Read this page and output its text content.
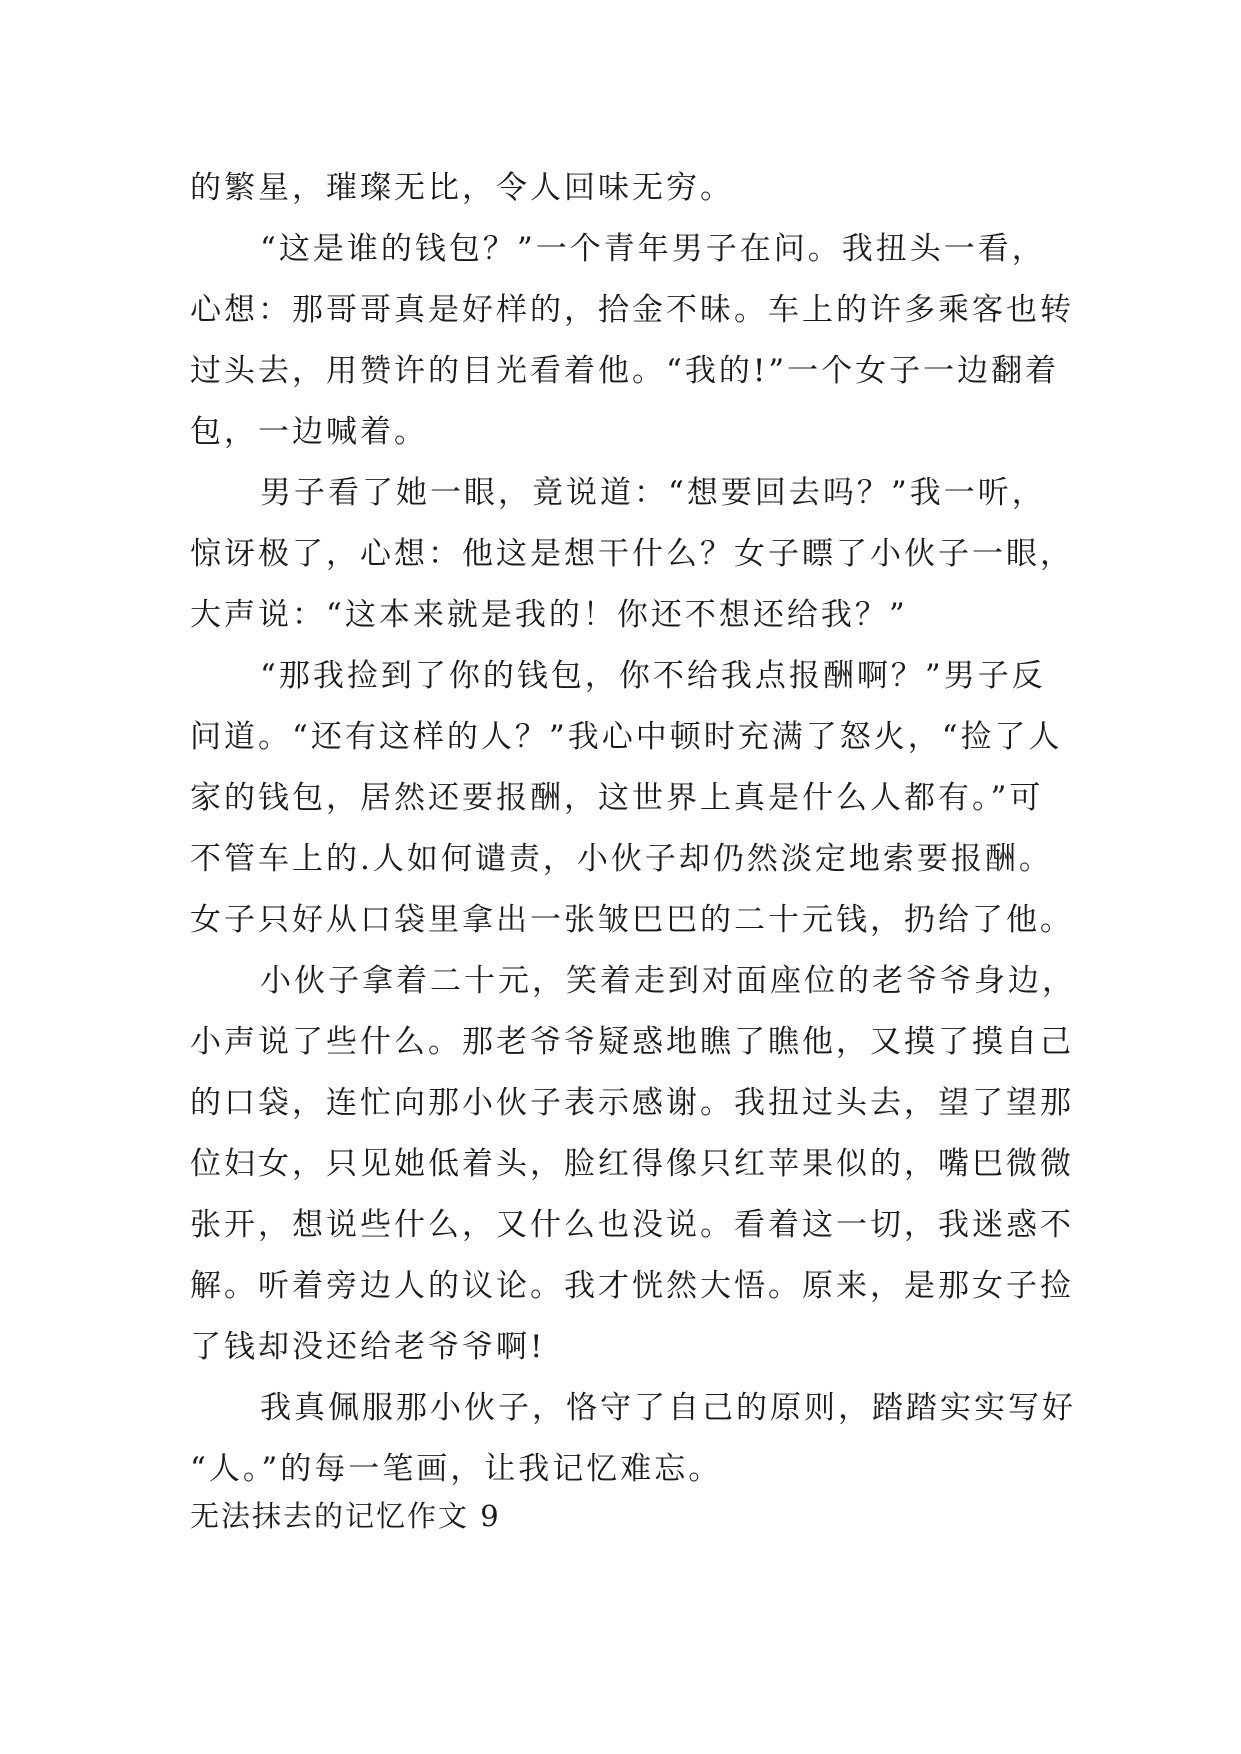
的繁星，璀璨无比，令人回味无穷。
“这是谁的钱包？”一个青年男子在问。我扭头一看，
心想：那哥哥真是好样的，拾金不昧。车上的许多乘客也转
过头去，用赞许的目光看着他。“我的!”一个女子一边翻着
包，一边喊着。
男子看了她一眼，竟说道：“想要回去吗？”我一听，
惊讶极了，心想：他这是想干什么？女子瞟了小伙子一眼，
大声说：“这本来就是我的！你还不想还给我？”
“那我捡到了你的钱包，你不给我点报酬啊？”男子反
问道。“还有这样的人？”我心中顿时充满了怒火，“捡了人
家的钱包，居然还要报酬，这世界上真是什么人都有。”可
不管车上的.人如何谴责，小伙子却仍然淡定地索要报酬。
女子只好从口袋里拿出一张皱巴巴的二十元钱，扔给了他。
小伙子拿着二十元，笑着走到对面座位的老爷爷身边，
小声说了些什么。那老爷爷疑惑地瞧了瞧他，又摸了摸自己
的口袋，连忙向那小伙子表示感谢。我扭过头去，望了望那
位妇女，只见她低着头，脸红得像只红苹果似的，嘴巴微微
张开，想说些什么，又什么也没说。看着这一切，我迷惑不
解。听着旁边人的议论。我才恍然大悟。原来，是那女子捡
了钱却没还给老爷爷啊!
我真佩服那小伙子，恪守了自己的原则，踏踏实实写好
“人。”的每一笔画，让我记忆难忘。
无法抹去的记忆作文 9
